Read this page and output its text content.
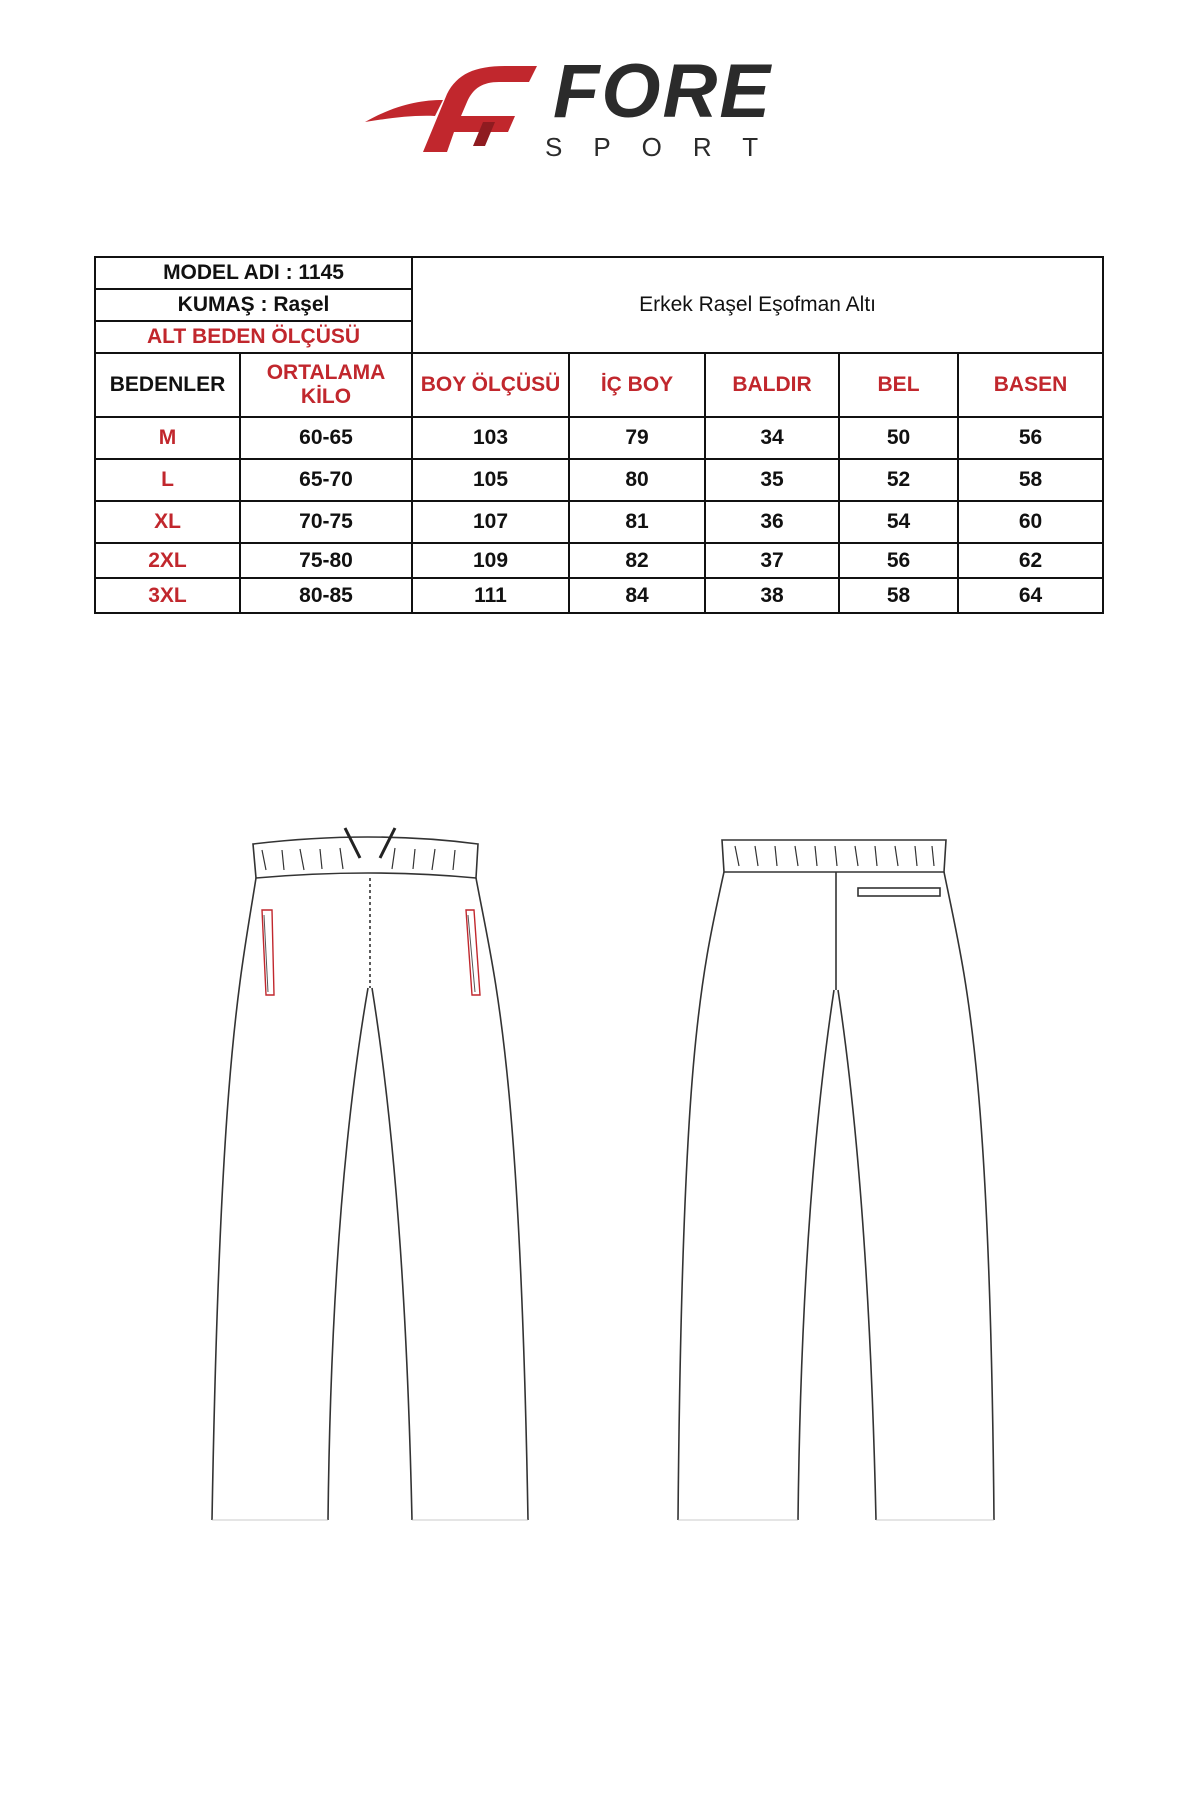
FORE
SPORT
MODEL ADI : 1145		Erkek Raşel Eşofman Altı				
KUMAŞ : Raşel						
ALT BEDEN ÖLÇÜSÜ						
BEDENLER	ORTALAMA KİLO	BOY ÖLÇÜSÜ	İÇ BOY	BALDIR	BEL	BASEN
M	60-65	103	79	34	50	56
L	65-70	105	80	35	52	58
XL	70-75	107	81	36	54	60
2XL	75-80	109	82	37	56	62
3XL	80-85	111	84	38	58	64
